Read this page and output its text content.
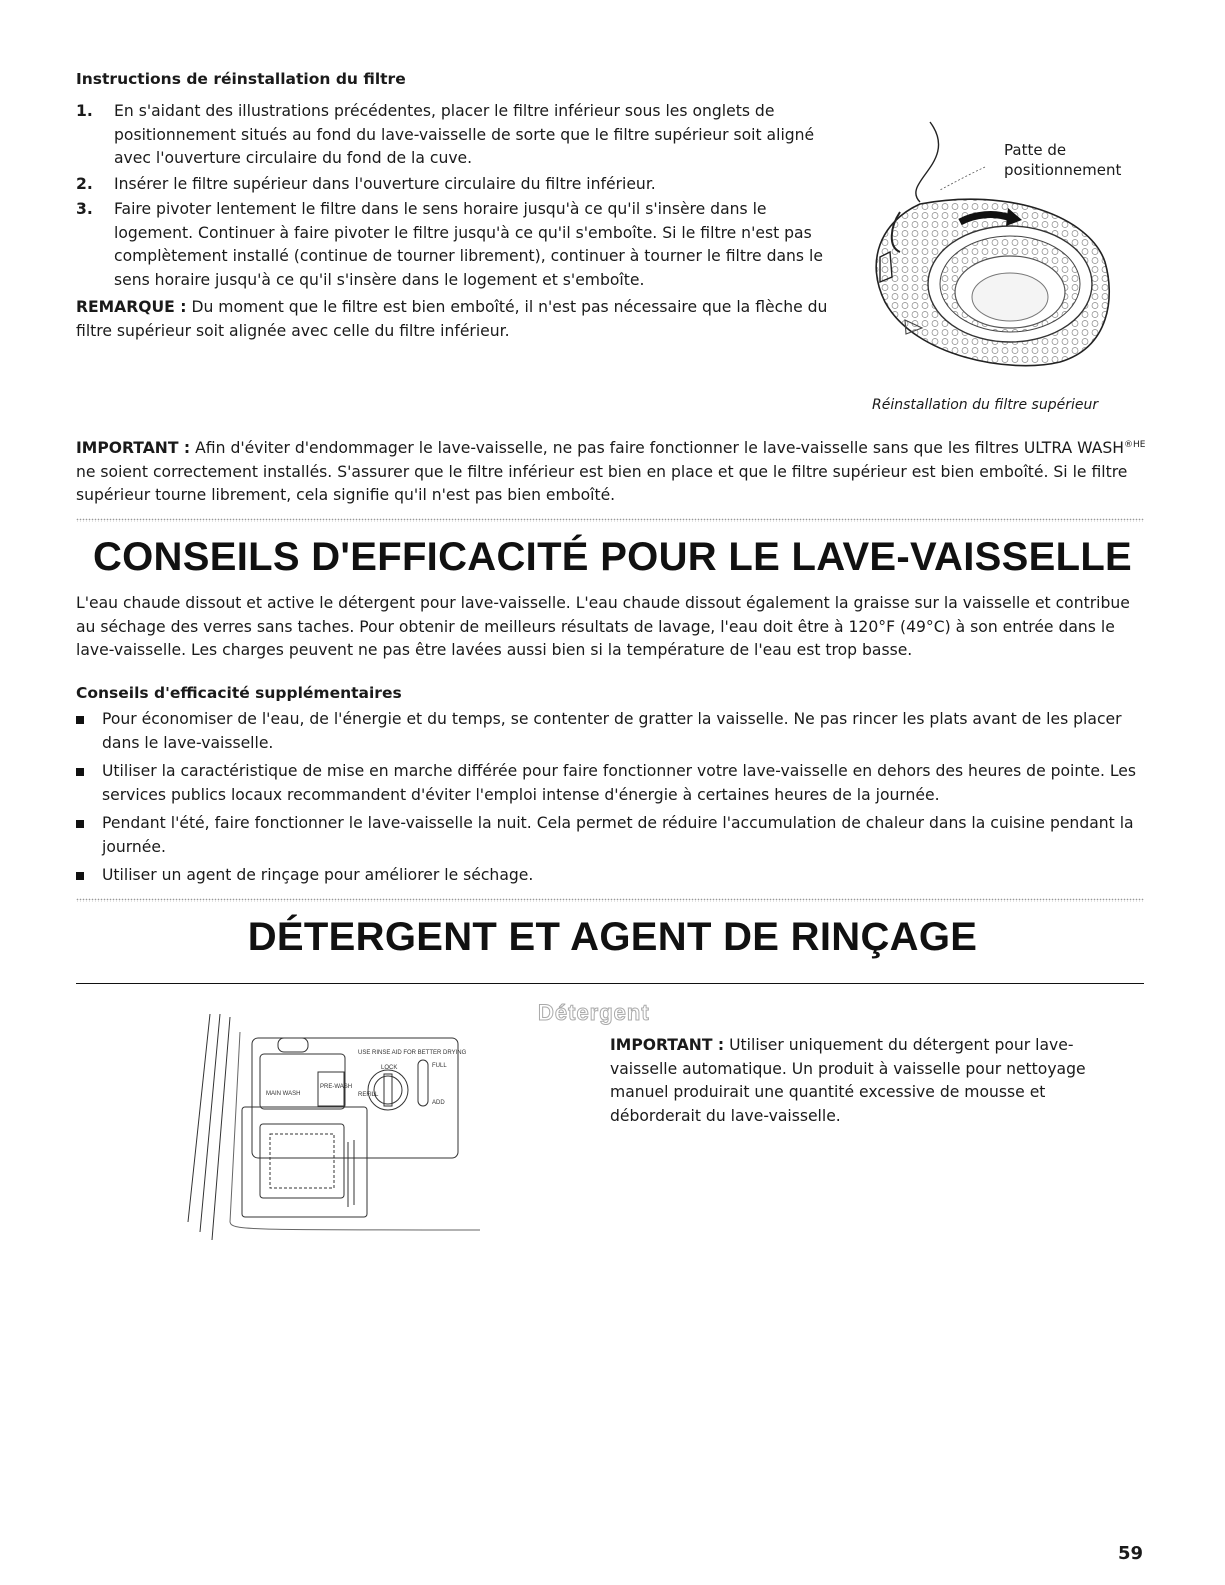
Instructions de réinstallation du filtre
1.	En s'aidant des illustrations précédentes, placer le filtre inférieur sous les onglets de positionnement situés au fond du lave-vaisselle de sorte que le filtre supérieur soit aligné avec l'ouverture circulaire du fond de la cuve.
2.	Insérer le filtre supérieur dans l'ouverture circulaire du filtre inférieur.
3.	Faire pivoter lentement le filtre dans le sens horaire jusqu'à ce qu'il s'insère dans le logement. Continuer à faire pivoter le filtre jusqu'à ce qu'il s'emboîte. Si le filtre n'est pas complètement installé (continue de tourner librement), continuer à tourner le filtre dans le sens horaire jusqu'à ce qu'il s'insère dans le logement et s'emboîte.
REMARQUE : Du moment que le filtre est bien emboîté, il n'est pas nécessaire que la flèche du filtre supérieur soit alignée avec celle du filtre inférieur.
Patte de
positionnement
Réinstallation du filtre supérieur
IMPORTANT : Afin d'éviter d'endommager le lave-vaisselle, ne pas faire fonctionner le lave-vaisselle sans que les filtres ULTRA $WASH^{®HE}$ ne soient correctement installés. S'assurer que le filtre inférieur est bien en place et que le filtre supérieur est bien emboîté. Si le filtre supérieur tourne librement, cela signifie qu'il n'est pas bien emboîté.
CONSEILS D'EFFICACITÉ POUR LE LAVE-VAISSELLE
L'eau chaude dissout et active le détergent pour lave-vaisselle. L'eau chaude dissout également la graisse sur la vaisselle et contribue au séchage des verres sans taches. Pour obtenir de meilleurs résultats de lavage, l'eau doit être à 120°F (49°C) à son entrée dans le lave-vaisselle. Les charges peuvent ne pas être lavées aussi bien si la température de l'eau est trop basse.
Conseils d'efficacité supplémentaires
Pour économiser de l'eau, de l'énergie et du temps, se contenter de gratter la vaisselle. Ne pas rincer les plats avant de les placer dans le lave-vaisselle.
Utiliser la caractéristique de mise en marche différée pour faire fonctionner votre lave-vaisselle en dehors des heures de pointe. Les services publics locaux recommandent d'éviter l'emploi intense d'énergie à certaines heures de la journée.
Pendant l'été, faire fonctionner le lave-vaisselle la nuit. Cela permet de réduire l'accumulation de chaleur dans la cuisine pendant la journée.
Utiliser un agent de rinçage pour améliorer le séchage.
DÉTERGENT ET AGENT DE RINÇAGE
Détergent
IMPORTANT : Utiliser uniquement du détergent pour lave-vaisselle automatique. Un produit à vaisselle pour nettoyage manuel produirait une quantité excessive de mousse et déborderait du lave-vaisselle.
USE RINSE AID FOR BETTER DRYING
MAIN WASH
PRE-WASH
REFILL
FULL
ADD
LOCK
59
